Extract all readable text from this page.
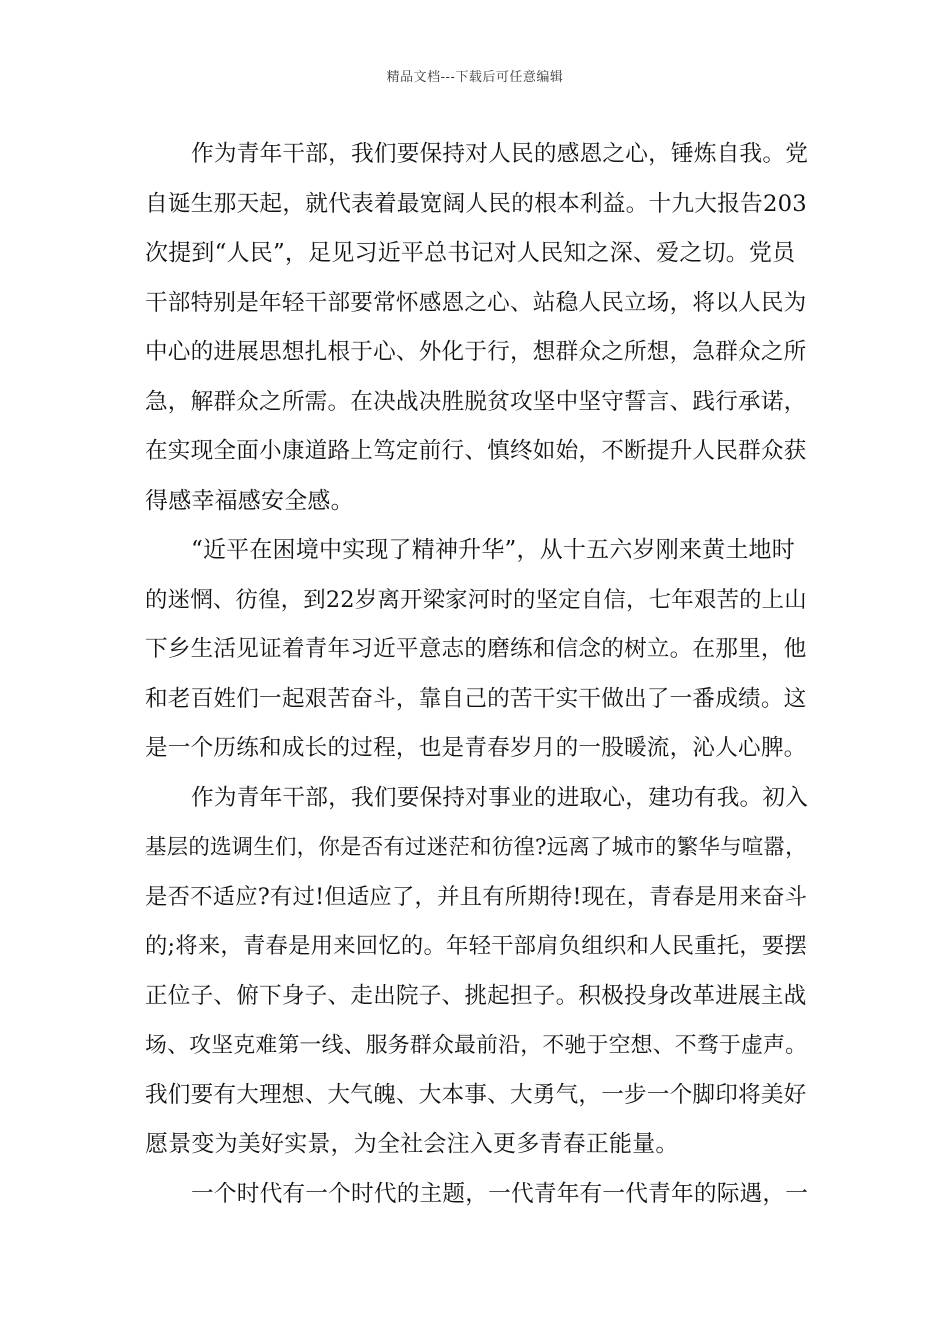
精品文档---下载后可任意编辑
作为青年干部，我们要保持对人民的感恩之心，锤炼自我。党
自诞生那天起，就代表着最宽阔人民的根本利益。十九大报告203
次提到“人民”，足见习近平总书记对人民知之深、爱之切。党员
干部特别是年轻干部要常怀感恩之心、站稳人民立场，将以人民为
中心的进展思想扎根于心、外化于行，想群众之所想，急群众之所
急，解群众之所需。在决战决胜脱贫攻坚中坚守誓言、践行承诺，
在实现全面小康道路上笃定前行、慎终如始，不断提升人民群众获
得感幸福感安全感。
“近平在困境中实现了精神升华”，从十五六岁刚来黄土地时
的迷惘、彷徨，到22岁离开梁家河时的坚定自信，七年艰苦的上山
下乡生活见证着青年习近平意志的磨练和信念的树立。在那里，他
和老百姓们一起艰苦奋斗，靠自己的苦干实干做出了一番成绩。这
是一个历练和成长的过程，也是青春岁月的一股暖流，沁人心脾。
作为青年干部，我们要保持对事业的进取心，建功有我。初入
基层的选调生们，你是否有过迷茫和彷徨?远离了城市的繁华与喧嚣，
是否不适应?有过!但适应了，并且有所期待!现在，青春是用来奋斗
的;将来，青春是用来回忆的。年轻干部肩负组织和人民重托，要摆
正位子、俯下身子、走出院子、挑起担子。积极投身改革进展主战
场、攻坚克难第一线、服务群众最前沿，不驰于空想、不骛于虚声。
我们要有大理想、大气魄、大本事、大勇气，一步一个脚印将美好
愿景变为美好实景，为全社会注入更多青春正能量。
一个时代有一个时代的主题，一代青年有一代青年的际遇，一
